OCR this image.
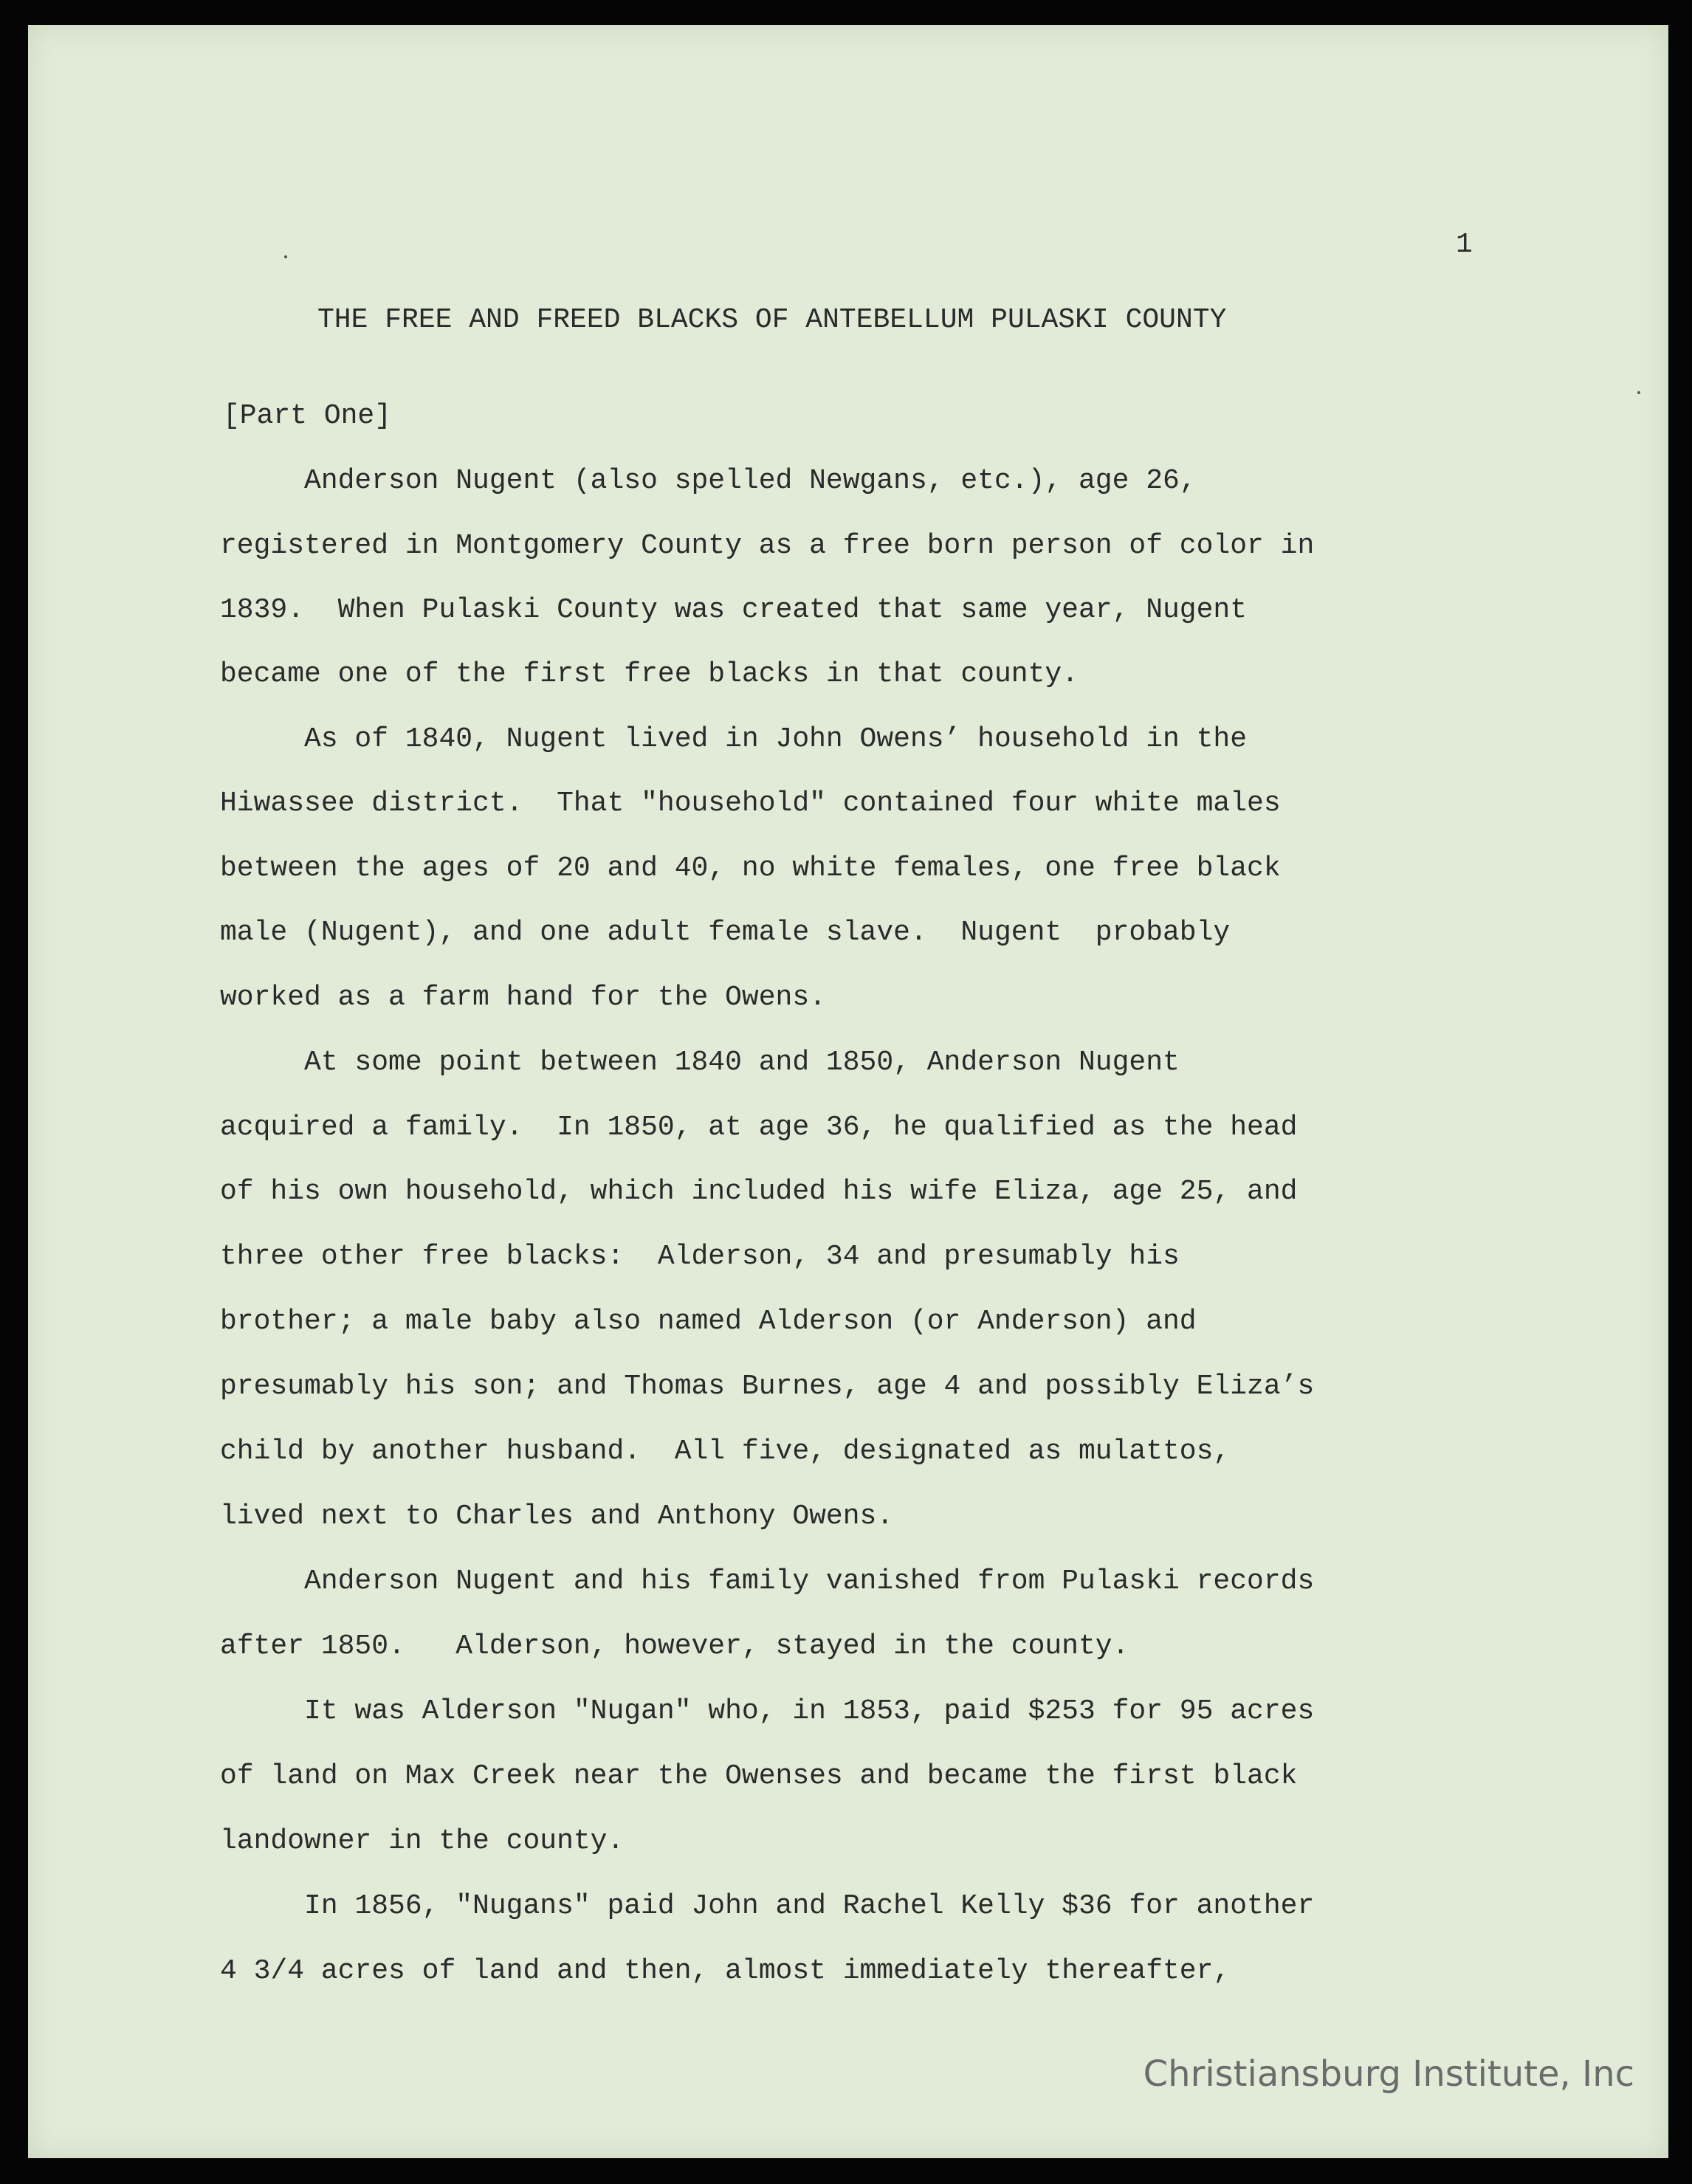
1

THE FREE AND FREED BLACKS OF ANTEBELLUM PULASKI COUNTY

[Part One]

Anderson Nugent (also spelled Newgans, etc.), age 26,

registered in Montgomery County as a free born person of color in

1839.  When Pulaski County was created that same year, Nugent

became one of the first free blacks in that county.

As of 1840, Nugent lived in John Owens’ household in the

Hiwassee district.  That "household" contained four white males

between the ages of 20 and 40, no white females, one free black

male (Nugent), and one adult female slave.  Nugent  probably

worked as a farm hand for the Owens.

At some point between 1840 and 1850, Anderson Nugent

acquired a family.  In 1850, at age 36, he qualified as the head

of his own household, which included his wife Eliza, age 25, and

three other free blacks:  Alderson, 34 and presumably his

brother; a male baby also named Alderson (or Anderson) and

presumably his son; and Thomas Burnes, age 4 and possibly Eliza’s

child by another husband.  All five, designated as mulattos,

lived next to Charles and Anthony Owens.

Anderson Nugent and his family vanished from Pulaski records

after 1850.   Alderson, however, stayed in the county.

It was Alderson "Nugan" who, in 1853, paid $253 for 95 acres

of land on Max Creek near the Owenses and became the first black

landowner in the county.

In 1856, "Nugans" paid John and Rachel Kelly $36 for another

4 3/4 acres of land and then, almost immediately thereafter,

Christiansburg Institute, Inc
